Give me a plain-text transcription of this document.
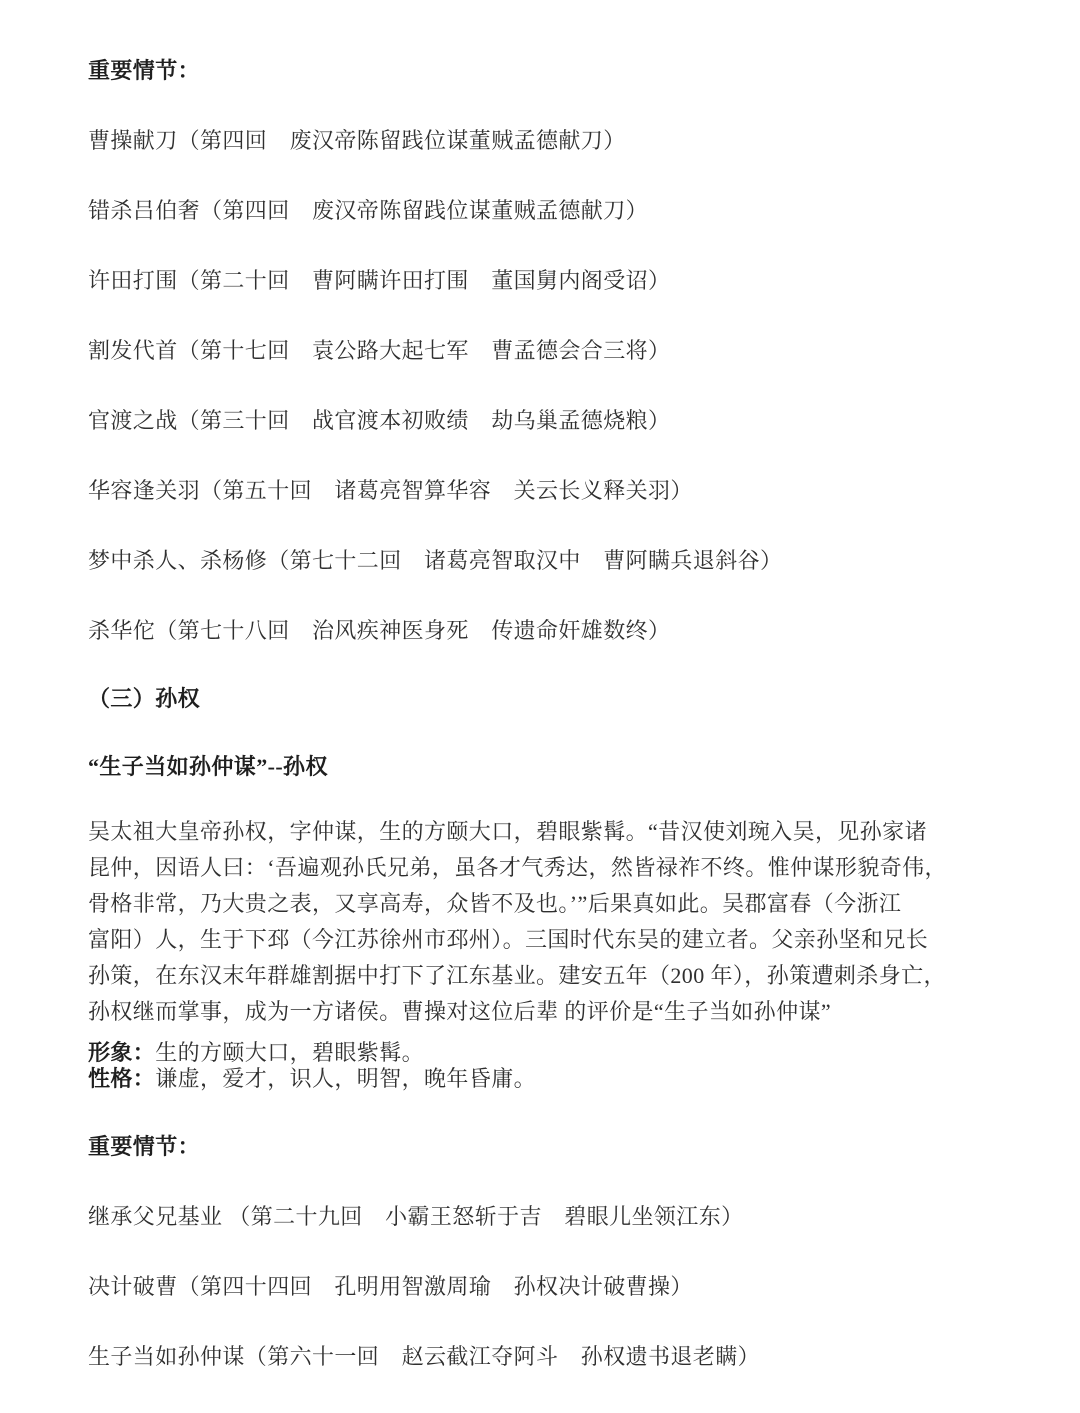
重要情节：

曹操献刀（第四回　废汉帝陈留践位谋董贼孟德献刀）

错杀吕伯奢（第四回　废汉帝陈留践位谋董贼孟德献刀）

许田打围（第二十回　曹阿瞒许田打围　董国舅内阁受诏）

割发代首（第十七回　袁公路大起七军　曹孟德会合三将）

官渡之战（第三十回　战官渡本初败绩　劫乌巢孟德烧粮）

华容逢关羽（第五十回　诸葛亮智算华容　关云长义释关羽）

梦中杀人、杀杨修（第七十二回　诸葛亮智取汉中　曹阿瞒兵退斜谷）

杀华佗（第七十八回　治风疾神医身死　传遗命奸雄数终）

（三）孙权

“生子当如孙仲谋”--孙权

吴太祖大皇帝孙权，字仲谋，生的方颐大口，碧眼紫髯。“昔汉使刘琬入吴，见孙家诸

昆仲，因语人曰：‘吾遍观孙氏兄弟，虽各才气秀达，然皆禄祚不终。惟仲谋形貌奇伟，

骨格非常，乃大贵之表，又享高寿，众皆不及也。’”后果真如此。吴郡富春（今浙江

富阳）人，生于下邳（今江苏徐州市邳州）。三国时代东吴的建立者。父亲孙坚和兄长

孙策，在东汉末年群雄割据中打下了江东基业。建安五年（200 年），孙策遭刺杀身亡，

孙权继而掌事，成为一方诸侯。曹操对这位后辈 的评价是“生子当如孙仲谋”

形象：生的方颐大口，碧眼紫髯。

性格：谦虚，爱才，识人，明智，晚年昏庸。

重要情节：

继承父兄基业 （第二十九回　小霸王怒斩于吉　碧眼儿坐领江东）

决计破曹（第四十四回　孔明用智激周瑜　孙权决计破曹操）

生子当如孙仲谋（第六十一回　赵云截江夺阿斗　孙权遗书退老瞒）
